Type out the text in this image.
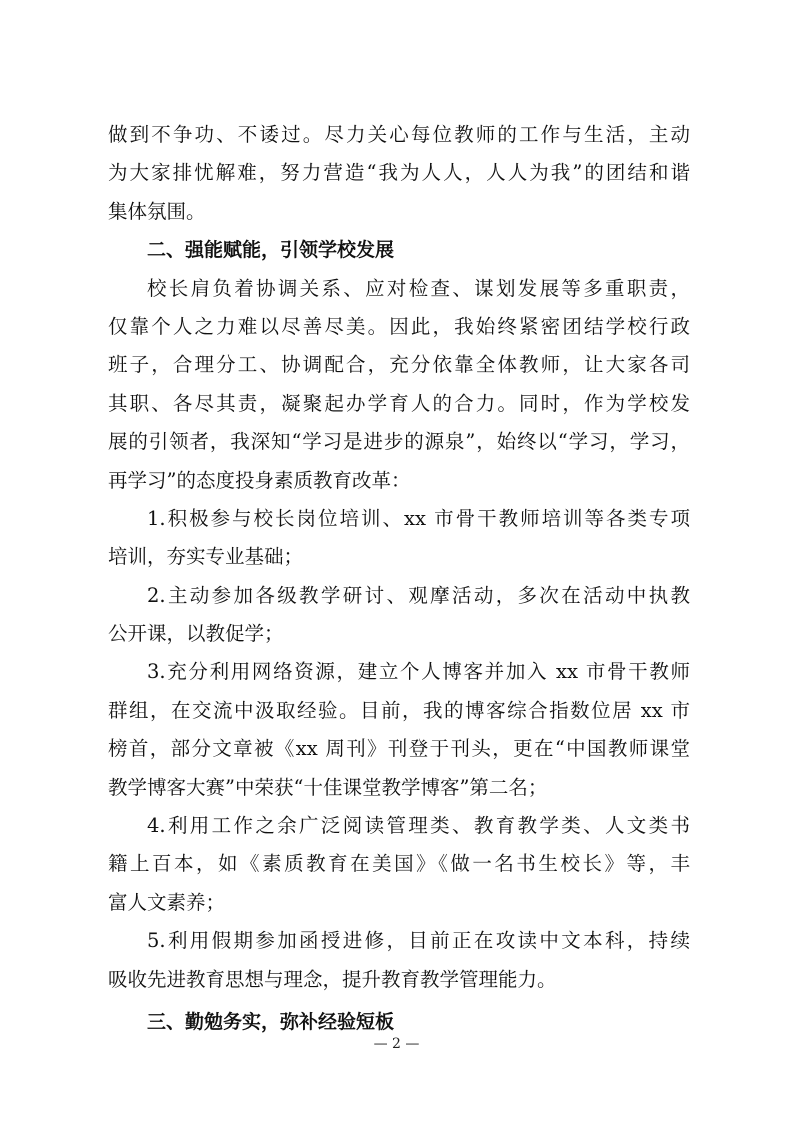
做到不争功、不诿过。尽力关心每位教师的工作与生活，主动
为大家排忧解难，努力营造“我为人人，人人为我”的团结和谐
集体氛围。
二、强能赋能，引领学校发展
校长肩负着协调关系、应对检查、谋划发展等多重职责，
仅靠个人之力难以尽善尽美。因此，我始终紧密团结学校行政
班子，合理分工、协调配合，充分依靠全体教师，让大家各司
其职、各尽其责，凝聚起办学育人的合力。同时，作为学校发
展的引领者，我深知“学习是进步的源泉”，始终以“学习，学习，
再学习”的态度投身素质教育改革：
1.积极参与校长岗位培训、xx 市骨干教师培训等各类专项
培训，夯实专业基础；
2.主动参加各级教学研讨、观摩活动，多次在活动中执教
公开课，以教促学；
3.充分利用网络资源，建立个人博客并加入 xx 市骨干教师
群组，在交流中汲取经验。目前，我的博客综合指数位居 xx 市
榜首，部分文章被《xx 周刊》刊登于刊头，更在“中国教师课堂
教学博客大赛”中荣获“十佳课堂教学博客”第二名；
4.利用工作之余广泛阅读管理类、教育教学类、人文类书
籍上百本，如《素质教育在美国》《做一名书生校长》等，丰
富人文素养；
5.利用假期参加函授进修，目前正在攻读中文本科，持续
吸收先进教育思想与理念，提升教育教学管理能力。
三、勤勉务实，弥补经验短板
— 2 —
